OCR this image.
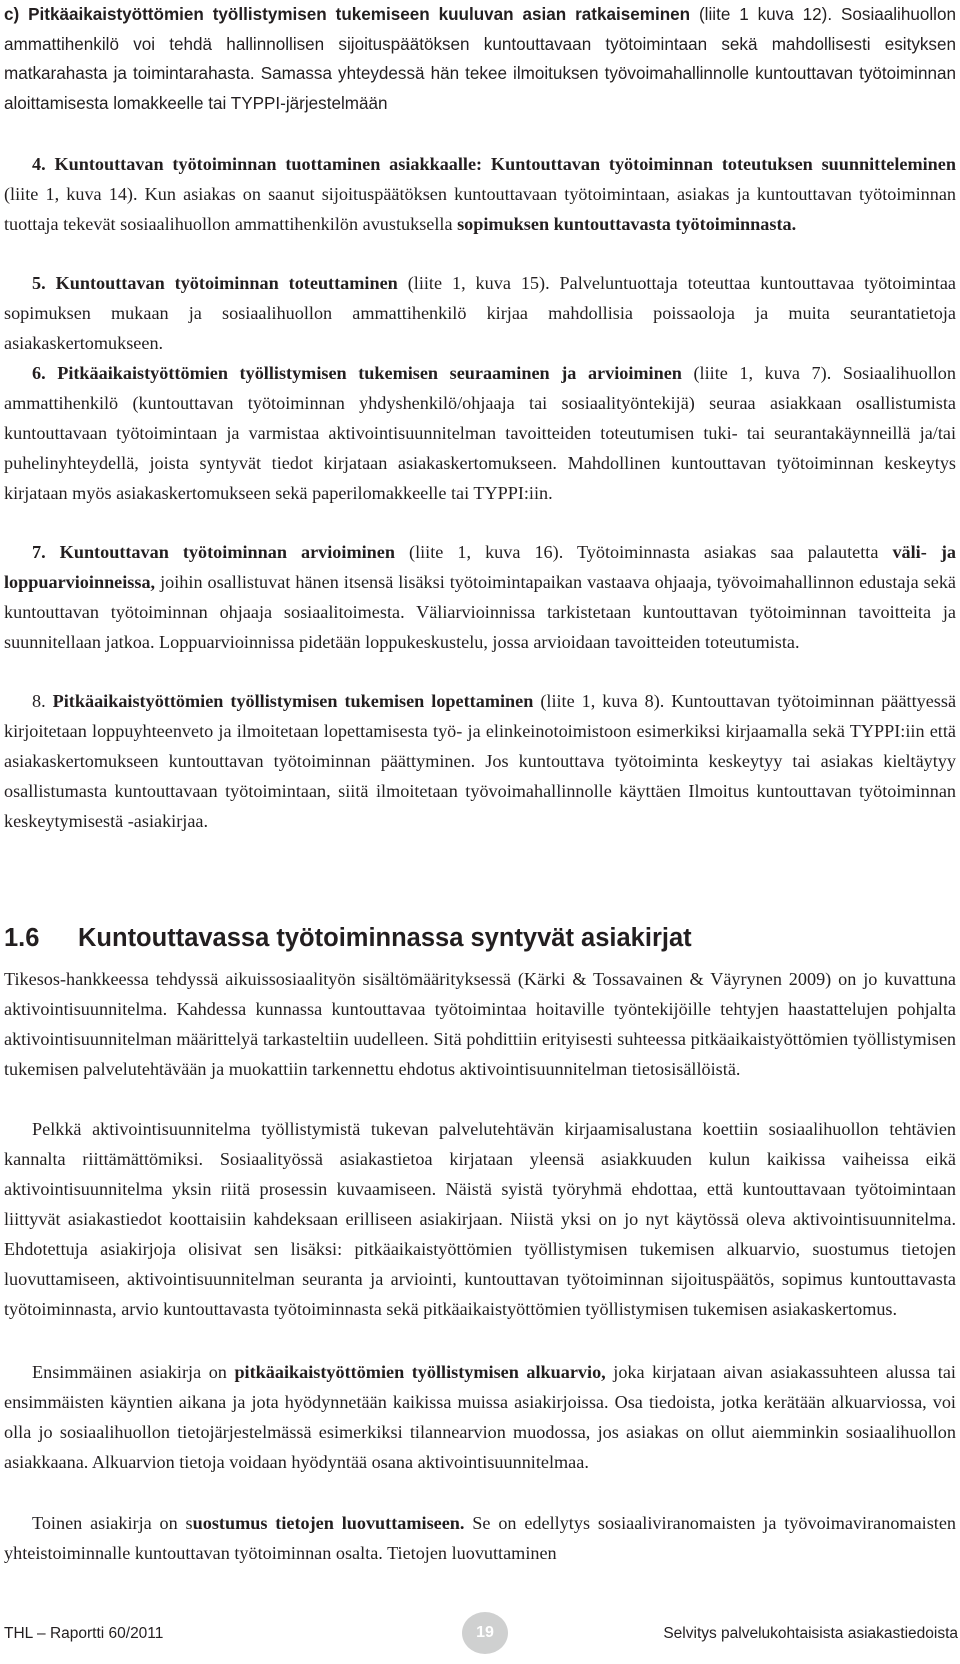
c) Pitkäaikaistyöttömien työllistymisen tukemiseen kuuluvan asian ratkaiseminen (liite 1 kuva 12). Sosiaalihuollon ammattihenkilö voi tehdä hallinnollisen sijoituspäätöksen kuntouttavaan työtoimintaan sekä mahdollisesti esityksen matkarahasta ja toimintarahasta. Samassa yhteydessä hän tekee ilmoituksen työvoimahallinnolle kuntouttavan työtoiminnan aloittamisesta lomakkeelle tai TYPPI-järjestelmään
4. Kuntouttavan työtoiminnan tuottaminen asiakkaalle: Kuntouttavan työtoiminnan toteutuksen suunnitteleminen (liite 1, kuva 14). Kun asiakas on saanut sijoituspäätöksen kuntouttavaan työtoimintaan, asiakas ja kuntouttavan työtoiminnan tuottaja tekevät sosiaalihuollon ammattihenkilön avustuksella sopimuksen kuntouttavasta työtoiminnasta.
5. Kuntouttavan työtoiminnan toteuttaminen (liite 1, kuva 15). Palveluntuottaja toteuttaa kuntouttavaa työtoimintaa sopimuksen mukaan ja sosiaalihuollon ammattihenkilö kirjaa mahdollisia poissaoloja ja muita seurantatietoja asiakaskertomukseen.
6. Pitkäaikaistyöttömien työllistymisen tukemisen seuraaminen ja arvioiminen (liite 1, kuva 7). Sosiaalihuollon ammattihenkilö (kuntouttavan työtoiminnan yhdyshenkilö/ohjaaja tai sosiaalityöntekijä) seuraa asiakkaan osallistumista kuntouttavaan työtoimintaan ja varmistaa aktivointisuunnitelman tavoitteiden toteutumisen tuki- tai seurantakäynneillä ja/tai puhelinyhteydellä, joista syntyvät tiedot kirjataan asiakaskertomukseen. Mahdollinen kuntouttavan työtoiminnan keskeytys kirjataan myös asiakaskertomukseen sekä paperilomakkeelle tai TYPPI:iin.
7. Kuntouttavan työtoiminnan arvioiminen (liite 1, kuva 16). Työtoiminnasta asiakas saa palautetta väli- ja loppuarvioinneissa, joihin osallistuvat hänen itsensä lisäksi työtoimintapaikan vastaava ohjaaja, työvoimahallinnon edustaja sekä kuntouttavan työtoiminnan ohjaaja sosiaalitoimesta. Väliarvioinnissa tarkistetaan kuntouttavan työtoiminnan tavoitteita ja suunnitellaan jatkoa. Loppuarvioinnissa pidetään loppukeskustelu, jossa arvioidaan tavoitteiden toteutumista.
8. Pitkäaikaistyöttömien työllistymisen tukemisen lopettaminen (liite 1, kuva 8). Kuntouttavan työtoiminnan päättyessä kirjoitetaan loppuyhteenveto ja ilmoitetaan lopettamisesta työ- ja elinkeinotoimistoon esimerkiksi kirjaamalla sekä TYPPI:iin että asiakaskertomukseen kuntouttavan työtoiminnan päättyminen. Jos kuntouttava työtoiminta keskeytyy tai asiakas kieltäytyy osallistumasta kuntouttavaan työtoimintaan, siitä ilmoitetaan työvoimahallinnolle käyttäen Ilmoitus kuntouttavan työtoiminnan keskeytymisestä -asiakirjaa.
1.6 Kuntouttavassa työtoiminnassa syntyvät asiakirjat
Tikesos-hankkeessa tehdyssä aikuissosiaalityön sisältömäärityksessä (Kärki & Tossavainen & Väyrynen 2009) on jo kuvattuna aktivointisuunnitelma. Kahdessa kunnassa kuntouttavaa työtoimintaa hoitaville työntekijöille tehtyjen haastattelujen pohjalta aktivointisuunnitelman määrittelyä tarkasteltiin uudelleen. Sitä pohdittiin erityisesti suhteessa pitkäaikaistyöttömien työllistymisen tukemisen palvelutehtävään ja muokattiin tarkennettu ehdotus aktivointisuunnitelman tietosisällöistä.
Pelkkä aktivointisuunnitelma työllistymistä tukevan palvelutehtävän kirjaamisalustana koettiin sosiaalihuollon tehtävien kannalta riittämättömiksi. Sosiaalityössä asiakastietoa kirjataan yleensä asiakkuuden kulun kaikissa vaiheissa eikä aktivointisuunnitelma yksin riitä prosessin kuvaamiseen. Näistä syistä työryhmä ehdottaa, että kuntouttavaan työtoimintaan liittyvät asiakastiedot koottaisiin kahdeksaan erilliseen asiakirjaan. Niistä yksi on jo nyt käytössä oleva aktivointisuunnitelma. Ehdotettuja asiakirjoja olisivat sen lisäksi: pitkäaikaistyöttömien työllistymisen tukemisen alkuarvio, suostumus tietojen luovuttamiseen, aktivointisuunnitelman seuranta ja arviointi, kuntouttavan työtoiminnan sijoituspäätös, sopimus kuntouttavasta työtoiminnasta, arvio kuntouttavasta työtoiminnasta sekä pitkäaikaistyöttömien työllistymisen tukemisen asiakaskertomus.
Ensimmäinen asiakirja on pitkäaikaistyöttömien työllistymisen alkuarvio, joka kirjataan aivan asiakassuhteen alussa tai ensimmäisten käyntien aikana ja jota hyödynnetään kaikissa muissa asiakirjoissa. Osa tiedoista, jotka kerätään alkuarviossa, voi olla jo sosiaalihuollon tietojärjestelmässä esimerkiksi tilannearvion muodossa, jos asiakas on ollut aiemminkin sosiaalihuollon asiakkaana. Alkuarvion tietoja voidaan hyödyntää osana aktivointisuunnitelmaa.
Toinen asiakirja on suostumus tietojen luovuttamiseen. Se on edellytys sosiaaliviranomaisten ja työvoimaviranomaisten yhteistoiminnalle kuntouttavan työtoiminnan osalta. Tietojen luovuttaminen
THL – Raportti 60/2011	19	Selvitys palvelukohtaisista asiakastiedoista
